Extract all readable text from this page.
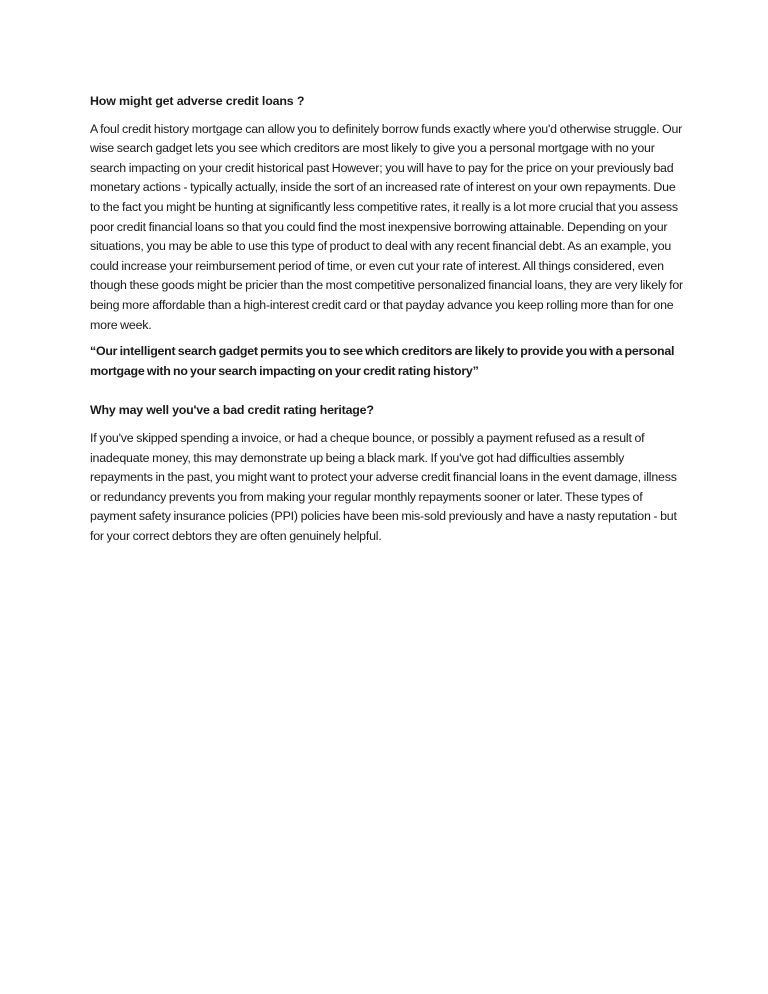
How might get adverse credit loans ?

A foul credit history mortgage can allow you to definitely borrow funds exactly where you'd otherwise struggle. Our wise search gadget lets you see which creditors are most likely to give you a personal mortgage with no your search impacting on your credit historical past However; you will have to pay for the price on your previously bad monetary actions - typically actually, inside the sort of an increased rate of interest on your own repayments. Due to the fact you might be hunting at significantly less competitive rates, it really is a lot more crucial that you assess poor credit financial loans so that you could find the most inexpensive borrowing attainable. Depending on your situations, you may be able to use this type of product to deal with any recent financial debt. As an example, you could increase your reimbursement period of time, or even cut your rate of interest. All things considered, even though these goods might be pricier than the most competitive personalized financial loans, they are very likely for being more affordable than a high-interest credit card or that payday advance you keep rolling more than for one more week.

“Our intelligent search gadget permits you to see which creditors are likely to provide you with a personal mortgage with no your search impacting on your credit rating history”

Why may well you've a bad credit rating heritage?

If you've skipped spending a invoice, or had a cheque bounce, or possibly a payment refused as a result of inadequate money, this may demonstrate up being a black mark. If you've got had difficulties assembly repayments in the past, you might want to protect your adverse credit financial loans in the event damage, illness or redundancy prevents you from making your regular monthly repayments sooner or later. These types of payment safety insurance policies (PPI) policies have been mis-sold previously and have a nasty reputation - but for your correct debtors they are often genuinely helpful.
